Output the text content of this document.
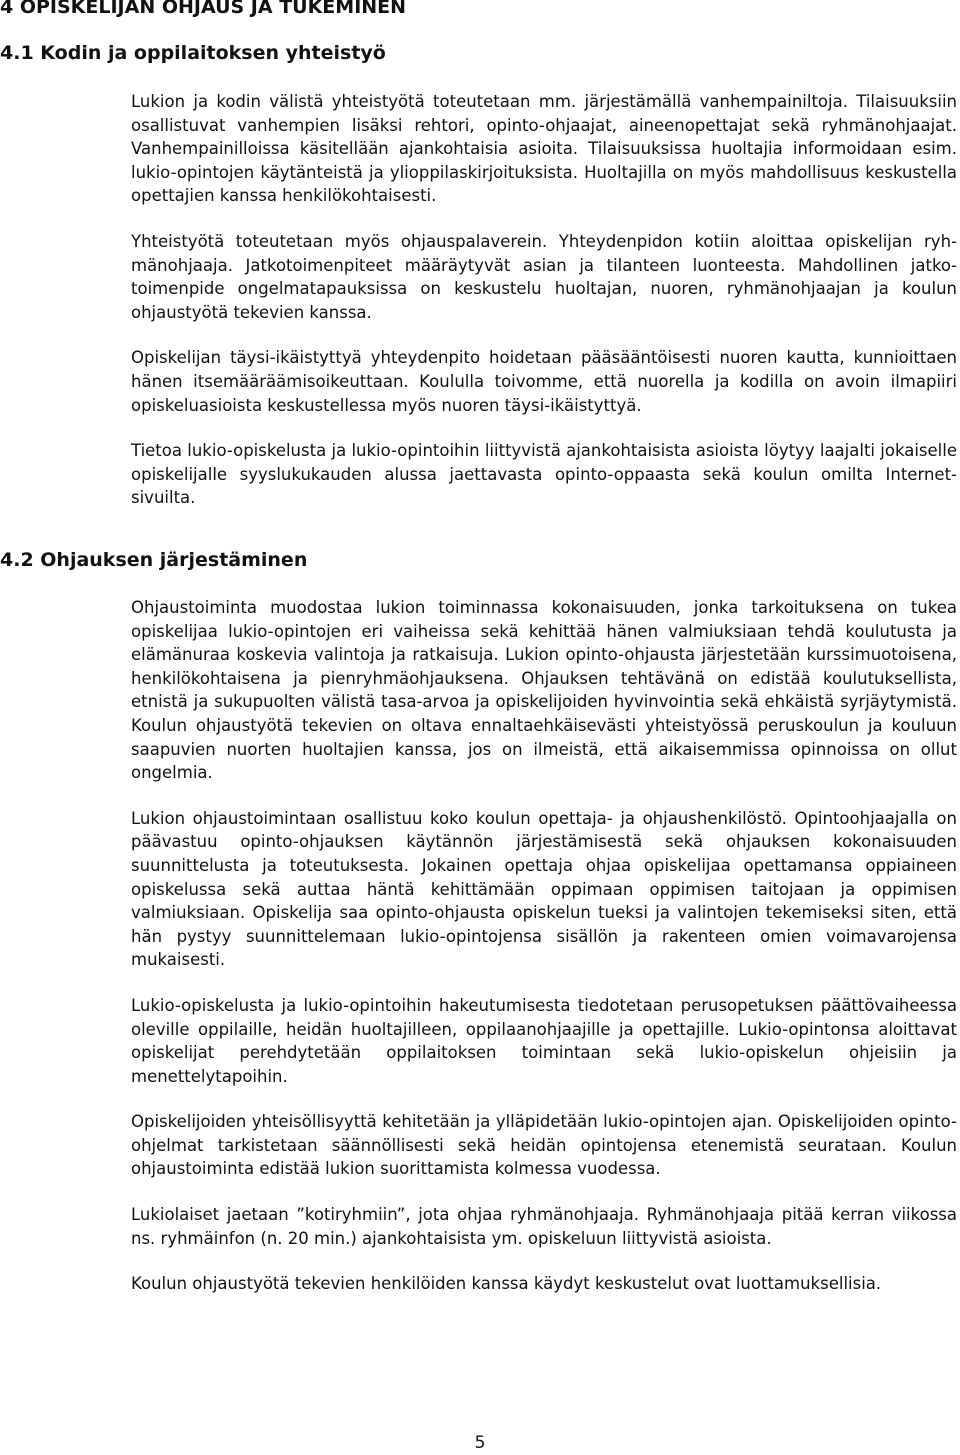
4 OPISKELIJAN OHJAUS JA TUKEMINEN
4.1 Kodin ja oppilaitoksen yhteistyö

Lukion ja kodin välistä yhteistyötä toteutetaan mm. järjestämällä vanhempainiltoja. Tilaisuuksiin osallistuvat vanhempien lisäksi rehtori, opinto-ohjaajat, aineenopettajat sekä ryhmänohjaajat. Vanhempainilloissa käsitellään ajankohtaisia asioita. Tilaisuuksissa huoltajia informoidaan esim. lukio-opintojen käytänteistä ja ylioppilaskirjoituksista. Huoltajilla on myös mahdollisuus keskustella opettajien kanssa henkilökohtaisesti.

Yhteistyötä toteutetaan myös ohjauspalaverein. Yhteydenpidon kotiin aloittaa opiskelijan ryhmänohjaaja. Jatkotoimenpiteet määräytyvät asian ja tilanteen luonteesta. Mahdollinen jatkotoimenpide ongelmatapauksissa on keskustelu huoltajan, nuoren, ryhmänohjaajan ja koulun ohjaustyötä tekevien kanssa.

Opiskelijan täysi-ikäistyttyä yhteydenpito hoidetaan pääsääntöisesti nuoren kautta, kunnioittaen hänen itsemääräämisoikeuttaan. Koululla toivomme, että nuorella ja kodilla on avoin ilmapiiri opiskeluasioista keskustellessa myös nuoren täysi-ikäistyttyä.

Tietoa lukio-opiskelusta ja lukio-opintoihin liittyvistä ajankohtaisista asioista löytyy laajalti jokaiselle opiskelijalle syyslukukauden alussa jaettavasta opinto-oppaasta sekä koulun omilta Internet-sivuilta.

4.2 Ohjauksen järjestäminen

Ohjaustoiminta muodostaa lukion toiminnassa kokonaisuuden, jonka tarkoituksena on tukea opiskelijaa lukio-opintojen eri vaiheissa sekä kehittää hänen valmiuksiaan tehdä koulutusta ja elämänuraa koskevia valintoja ja ratkaisuja. Lukion opinto-ohjausta järjestetään kurssimuotoisena, henkilökohtaisena ja pienryhmäohjauksena. Ohjauksen tehtävänä on edistää koulutuksellista, etnistä ja sukupuolten välistä tasa-arvoa ja opiskelijoiden hyvinvointia sekä ehkäistä syrjäytymistä. Koulun ohjaustyötä tekevien on oltava ennaltaehkäisevästi yhteistyössä peruskoulun ja kouluun saapuvien nuorten huoltajien kanssa, jos on ilmeistä, että aikaisemmissa opinnoissa on ollut ongelmia.

Lukion ohjaustoimintaan osallistuu koko koulun opettaja- ja ohjaushenkilöstö. Opintoohjaajalla on päävastuu opinto-ohjauksen käytännön järjestämisestä sekä ohjauksen kokonaisuuden suunnittelusta ja toteutuksesta. Jokainen opettaja ohjaa opiskelijaa opettamansa oppiaineen opiskelussa sekä auttaa häntä kehittämään oppimaan oppimisen taitojaan ja oppimisen valmiuksiaan. Opiskelija saa opinto-ohjausta opiskelun tueksi ja valintojen tekemiseksi siten, että hän pystyy suunnittelemaan lukio-opintojensa sisällön ja rakenteen omien voimavarojensa mukaisesti.

Lukio-opiskelusta ja lukio-opintoihin hakeutumisesta tiedotetaan perusopetuksen päättövaiheessa oleville oppilaille, heidän huoltajilleen, oppilaanohjaajille ja opettajille. Lukio-opintonsa aloittavat opiskelijat perehdytetään oppilaitoksen toimintaan sekä lukio-opiskelun ohjeisiin ja menettelytapoihin.

Opiskelijoiden yhteisöllisyyttä kehitetään ja ylläpidetään lukio-opintojen ajan. Opiskelijoiden opinto-ohjelmat tarkistetaan säännöllisesti sekä heidän opintojensa etenemistä seurataan. Koulun ohjaustoiminta edistää lukion suorittamista kolmessa vuodessa.

Lukiolaiset jaetaan ”kotiryhmiin”, jota ohjaa ryhmänohjaaja. Ryhmänohjaaja pitää kerran viikossa ns. ryhmäinfon (n. 20 min.) ajankohtaisista ym. opiskeluun liittyvistä asioista.

Koulun ohjaustyötä tekevien henkilöiden kanssa käydyt keskustelut ovat luottamuksellisia.

5
